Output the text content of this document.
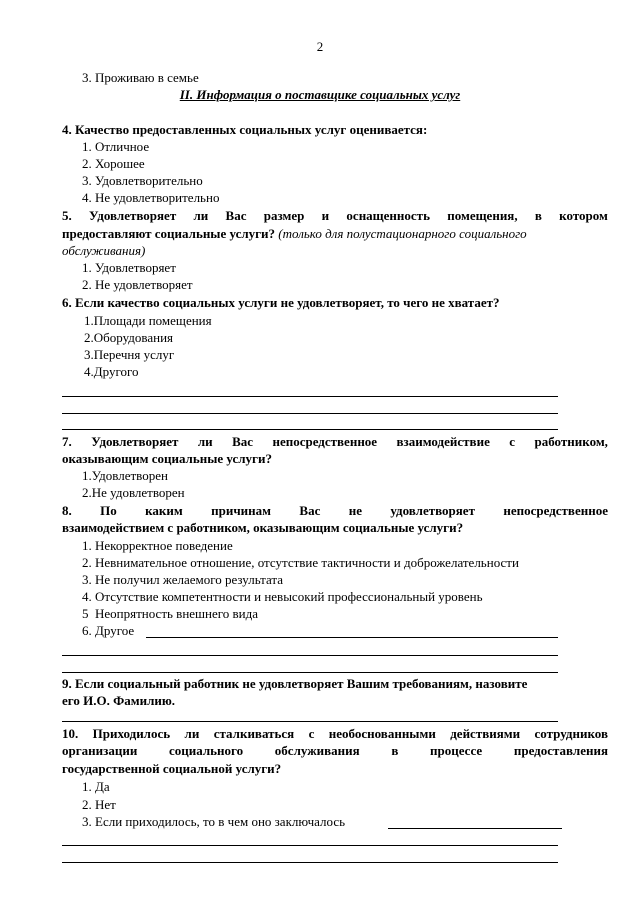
2
3. Проживаю в семье
II. Информация о поставщике социальных услуг
4. Качество предоставленных социальных услуг оценивается:
1. Отличное
2. Хорошее
3. Удовлетворительно
4. Не удовлетворительно
5. Удовлетворяет ли Вас размер и оснащенность помещения, в котором
предоставляют социальные услуги? (только для полустационарного социального
обслуживания)
1. Удовлетворяет
2. Не удовлетворяет
6. Если качество социальных услуги не удовлетворяет, то чего не хватает?
1.Площади помещения
2.Оборудования
3.Перечня услуг
4.Другого
7. Удовлетворяет ли Вас непосредственное взаимодействие с работником,
оказывающим социальные услуги?
1.Удовлетворен
2.Не удовлетворен
8. По каким причинам Вас не удовлетворяет непосредственное
взаимодействием с работником, оказывающим социальные услуги?
1. Некорректное поведение
2. Невнимательное отношение, отсутствие тактичности и доброжелательности
3. Не получил желаемого результата
4. Отсутствие компетентности и невысокий профессиональный уровень
5  Неопрятность внешнего вида
6. Другое
9. Если социальный работник не удовлетворяет Вашим требованиям, назовите
его И.О. Фамилию.
10. Приходилось ли сталкиваться с необоснованными действиями сотрудников
организации социального обслуживания в процессе предоставления
государственной социальной услуги?
1. Да
2. Нет
3. Если приходилось, то в чем оно заключалось
